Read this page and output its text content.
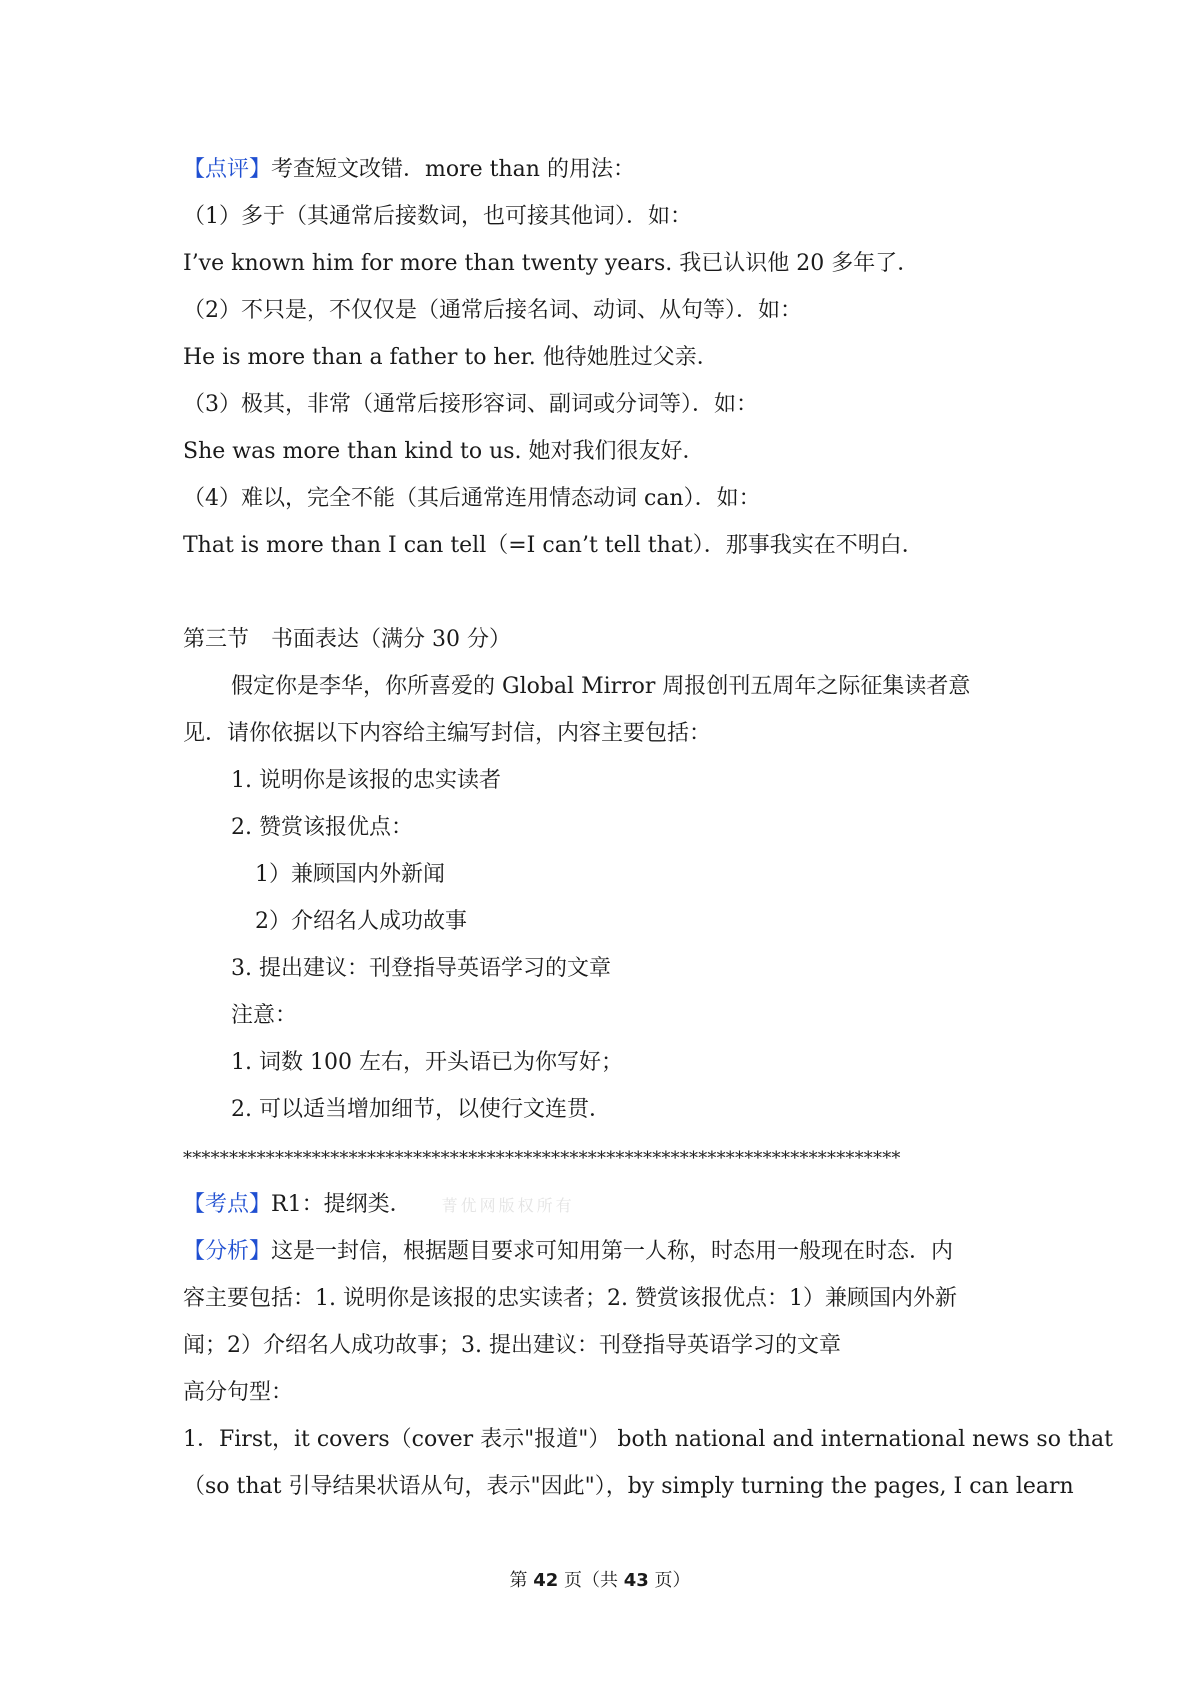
【点评】考查短文改错．more than 的用法：
（1）多于（其通常后接数词，也可接其他词）．如：
I’ve known him for more than twenty years. 我已认识他 20 多年了．
（2）不只是，不仅仅是（通常后接名词、动词、从句等）．如：
He is more than a father to her. 他待她胜过父亲．
（3）极其，非常（通常后接形容词、副词或分词等）．如：
She was more than kind to us. 她对我们很友好．
（4）难以，完全不能（其后通常连用情态动词 can）．如：
That is more than I can tell（=I can’t tell that）．那事我实在不明白．
第三节　书面表达（满分 30 分）
假定你是李华，你所喜爱的 Global Mirror 周报创刊五周年之际征集读者意
见．请你依据以下内容给主编写封信，内容主要包括：
1. 说明你是该报的忠实读者
2. 赞赏该报优点：
1）兼顾国内外新闻
2）介绍名人成功故事
3. 提出建议：刊登指导英语学习的文章
注意：
1. 词数 100 左右，开头语已为你写好；
2. 可以适当增加细节，以使行文连贯．
******************************************************************************
【考点】R1：提纲类． 菁优网版权所有
【分析】这是一封信，根据题目要求可知用第一人称，时态用一般现在时态．内
容主要包括：1. 说明你是该报的忠实读者；2. 赞赏该报优点：1）兼顾国内外新
闻；2）介绍名人成功故事；3. 提出建议：刊登指导英语学习的文章
高分句型：
1．First，it covers（cover 表示"报道"） both national and international news so that
（so that 引导结果状语从句，表示"因此"），by simply turning the pages, I can learn
第 42 页（共 43 页）
